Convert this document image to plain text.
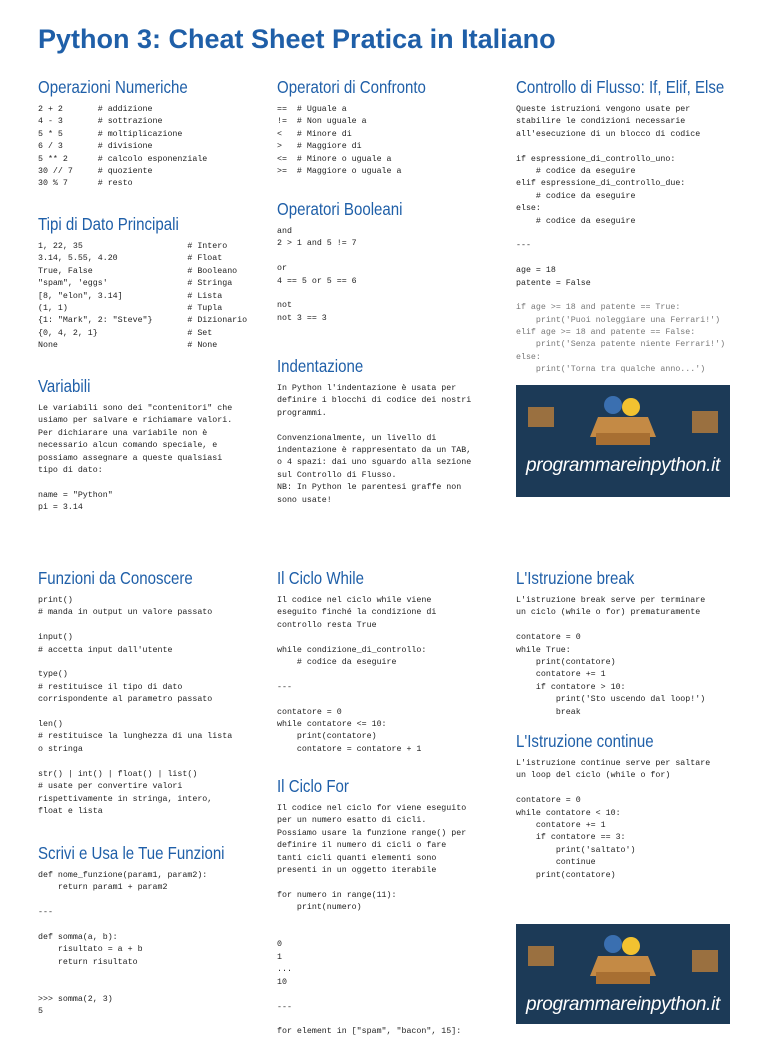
Python 3: Cheat Sheet Pratica in Italiano
Operazioni Numeriche
2 + 2       # addizione
4 - 3       # sottrazione
5 * 5       # moltiplicazione
6 / 3       # divisione
5 ** 2      # calcolo esponenziale
30 // 7     # quoziente
30 % 7      # resto
Tipi di Dato Principali
1, 22, 35                     # Intero
3.14, 5.55, 4.20              # Float
True, False                   # Booleano
"spam", 'eggs'                # Stringa
[8, "elon", 3.14]             # Lista
(1, 1)                        # Tupla
{1: "Mark", 2: "Steve"}       # Dizionario
{0, 4, 2, 1}                  # Set
None                          # None
Variabili
Le variabili sono dei "contenitori" che
usiamo per salvare e richiamare valori.
Per dichiarare una variabile non è
necessario alcun comando speciale, e
possiamo assegnare a queste qualsiasi
tipo di dato:

name = "Python"
pi = 3.14
Funzioni da Conoscere
print()
# manda in output un valore passato

input()
# accetta input dall'utente

type()
# restituisce il tipo di dato
corrispondente al parametro passato

len()
# restituisce la lunghezza di una lista
o stringa

str() | int() | float() | list()
# usate per convertire valori
rispettivamente in stringa, intero,
float e lista
Scrivi e Usa le Tue Funzioni
def nome_funzione(param1, param2):
return param1 + param2

---

def somma(a, b):
risultato = a + b
return risultato

>>> somma(2, 3)
5
Operatori di Confronto
==  # Uguale a
!=  # Non uguale a
<   # Minore di
>   # Maggiore di
<=  # Minore o uguale a
>=  # Maggiore o uguale a
Operatori Booleani
and
2 > 1 and 5 != 7

or
4 == 5 or 5 == 6

not
not 3 == 3
Indentazione
In Python l'indentazione è usata per
definire i blocchi di codice dei nostri
programmi.

Convenzionalmente, un livello di
indentazione è rappresentato da un TAB,
o 4 spazi: dai uno sguardo alla sezione
sul Controllo di Flusso.
NB: In Python le parentesi graffe non
sono usate!
Il Ciclo While
Il codice nel ciclo while viene
eseguito finché la condizione di
controllo resta True

while condizione_di_controllo:
# codice da eseguire

---

contatore = 0
while contatore <= 10:
print(contatore)
contatore = contatore + 1
Il Ciclo For
Il codice nel ciclo for viene eseguito
per un numero esatto di cicli.
Possiamo usare la funzione range() per
definire il numero di cicli o fare
tanti cicli quanti elementi sono
presenti in un oggetto iterabile

for numero in range(11):
print(numero)

0
1
...
10

---

for element in ["spam", "bacon", 15]:
Controllo di Flusso: If, Elif, Else
Queste istruzioni vengono usate per
stabilire le condizioni necessarie
all'esecuzione di un blocco di codice

if espressione_di_controllo_uno:
# codice da eseguire
elif espressione_di_controllo_due:
# codice da eseguire
else:
# codice da eseguire

---

age = 18
patente = False
if age >= 18 and patente == True:
print('Puoi noleggiare una Ferrari!')
elif age >= 18 and patente == False:
print('Senza patente niente Ferrari!')
else:
print('Torna tra qualche anno...')
programmareinpython.it
L'Istruzione break
L'istruzione break serve per terminare
un ciclo (while o for) prematuramente

contatore = 0
while True:
print(contatore)
contatore += 1
if contatore > 10:
print('Sto uscendo dal loop!')
break
L'Istruzione continue
L'istruzione continue serve per saltare
un loop del ciclo (while o for)

contatore = 0
while contatore < 10:
contatore += 1
if contatore == 3:
print('saltato')
continue
print(contatore)
programmareinpython.it
